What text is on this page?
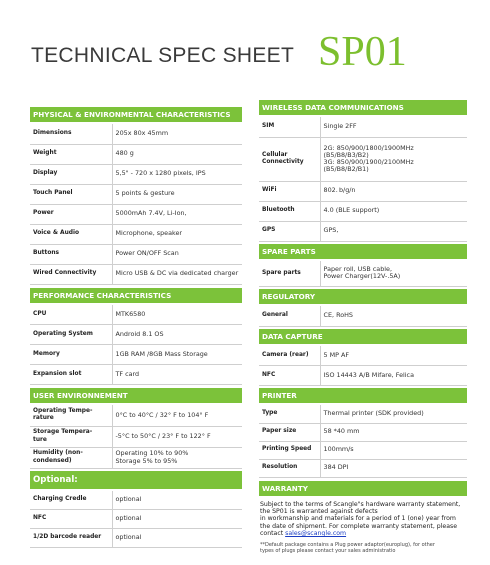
TECHNICAL SPEC SHEET SP01
PHYSICAL & ENVIRONMENTAL CHARACTERISTICS
Dimensions	205x 80x 45mm
Weight	480 g
Display	5,5" - 720 x 1280 pixels, IPS
Touch Panel	5 points & gesture
Power	5000mAh 7.4V, Li-Ion,
Voice & Audio	Microphone, speaker
Buttons	Power ON/OFF Scan
Wired Connectivity	Micro USB & DC via dedicated charger
PERFORMANCE CHARACTERISTICS
CPU	MTK6580
Operating System	Android 8.1 OS
Memory	1GB RAM /8GB Mass Storage
Expansion slot	TF card
USER ENVIRONNEMENT
Operating Tempe-
rature	0°C to 40°C / 32° F to 104° F
Storage Tempera-
ture	-5°C to 50°C / 23° F to 122° F
Humidity (non-
condensed)	Operating 10% to 90%
Storage 5% to 95%
Optional:
Charging Credle	optional
NFC	optional
1/2D barcode reader	optional
WIRELESS DATA COMMUNICATIONS
SIM	Single 2FF
Cellular
Connectivity	2G: 850/900/1800/1900MHz
(B5/B8/B3/B2)
3G: 850/900/1900/2100MHz
(B5/B8/B2/B1)
WiFi	802. b/g/n
Bluetooth	4.0 (BLE support)
GPS	GPS,
SPARE PARTS
Spare parts	Paper roll, USB cable,
Power Charger(12V-.5A)
REGULATORY
General	CE, RoHS
DATA CAPTURE
Camera (rear)	5 MP AF
NFC	ISO 14443 A/B Mifare, Felica
PRINTER
Type	Thermal printer (SDK provided)
Paper size	58 *40 mm
Printing Speed	100mm/s
Resolution	384 DPI
WARRANTY
Subject to the terms of Scangle"s hardware warranty statement,
the SP01 is warranted against defects
in workmanship and materials for a period of 1 (one) year from
the date of shipment. For complete warranty statement, please
contact sales@scangle.com
**Default package contains a Plug power adaptor(europlug), for other
types of plugs please contact your sales administratio
